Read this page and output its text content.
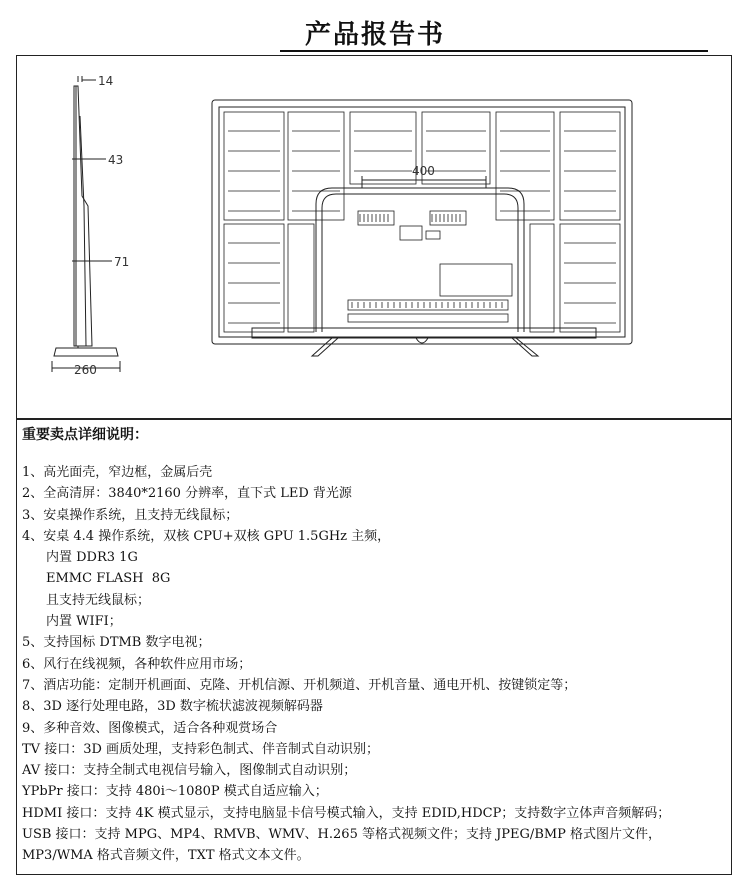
产品报告书
14
43
71
260
400
重要卖点详细说明：
1、高光面壳，窄边框，金属后壳
2、全高清屏：3840*2160 分辨率，直下式 LED 背光源
3、安桌操作系统，且支持无线鼠标；
4、安桌 4.4 操作系统，双核 CPU+双核 GPU 1.5GHz 主频，
内置 DDR3 1G
EMMC FLASH  8G
且支持无线鼠标；
内置 WIFI；
5、支持国标 DTMB 数字电视；
6、风行在线视频，各种软件应用市场；
7、酒店功能：定制开机画面、克隆、开机信源、开机频道、开机音量、通电开机、按键锁定等；
8、3D 逐行处理电路，3D 数字梳状滤波视频解码器
9、多种音效、图像模式，适合各种观赏场合
TV 接口：3D 画质处理，支持彩色制式、伴音制式自动识别；
AV 接口：支持全制式电视信号输入，图像制式自动识别；
YPbPr 接口：支持 480i～1080P 模式自适应输入；
HDMI 接口：支持 4K 模式显示，支持电脑显卡信号模式输入，支持 EDID,HDCP；支持数字立体声音频解码；
USB 接口：支持 MPG、MP4、RMVB、WMV、H.265 等格式视频文件；支持 JPEG/BMP 格式图片文件， MP3/WMA 格式音频文件，TXT 格式文本文件。
